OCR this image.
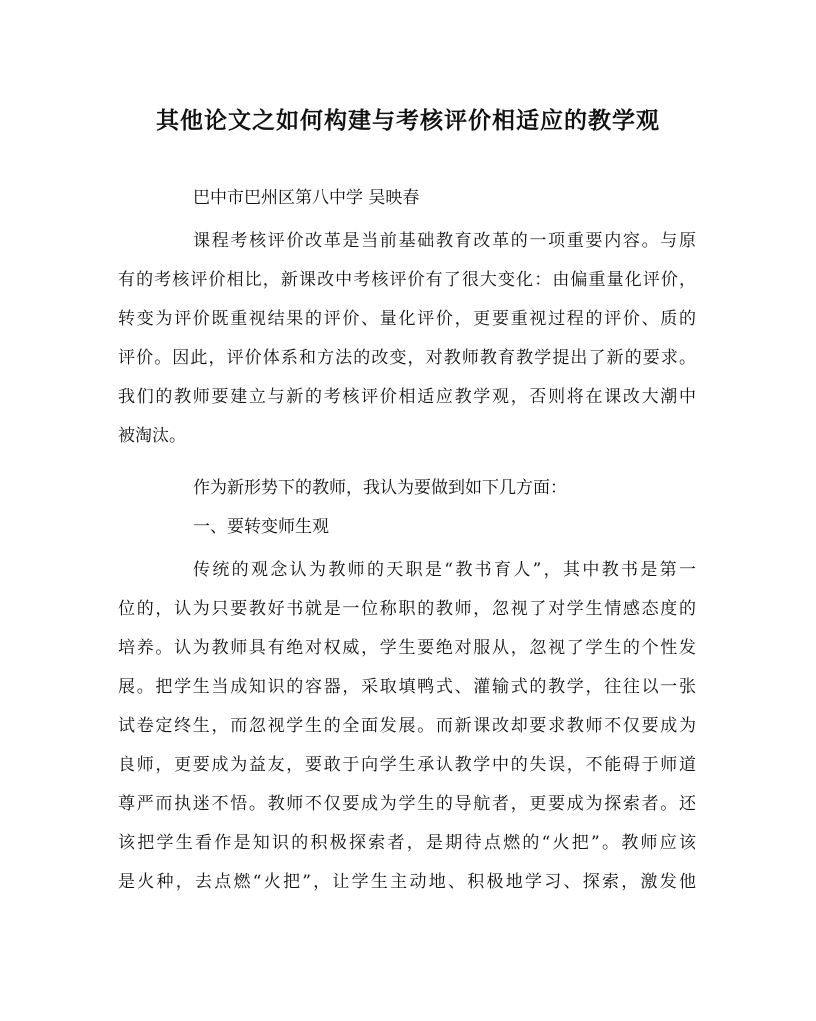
其他论文之如何构建与考核评价相适应的教学观
巴中市巴州区第八中学 吴映春
课程考核评价改革是当前基础教育改革的一项重要内容。与原
有的考核评价相比，新课改中考核评价有了很大变化：由偏重量化评价，
转变为评价既重视结果的评价、量化评价，更要重视过程的评价、质的
评价。因此，评价体系和方法的改变，对教师教育教学提出了新的要求。
我们的教师要建立与新的考核评价相适应教学观，否则将在课改大潮中
被淘汰。
作为新形势下的教师，我认为要做到如下几方面：
一、要转变师生观
传统的观念认为教师的天职是“教书育人”，其中教书是第一
位的，认为只要教好书就是一位称职的教师，忽视了对学生情感态度的
培养。认为教师具有绝对权威，学生要绝对服从，忽视了学生的个性发
展。把学生当成知识的容器，采取填鸭式、灌输式的教学，往往以一张
试卷定终生，而忽视学生的全面发展。而新课改却要求教师不仅要成为
良师，更要成为益友，要敢于向学生承认教学中的失误，不能碍于师道
尊严而执迷不悟。教师不仅要成为学生的导航者，更要成为探索者。还
该把学生看作是知识的积极探索者，是期待点燃的“火把”。教师应该
是火种，去点燃“火把”，让学生主动地、积极地学习、探索，激发他
